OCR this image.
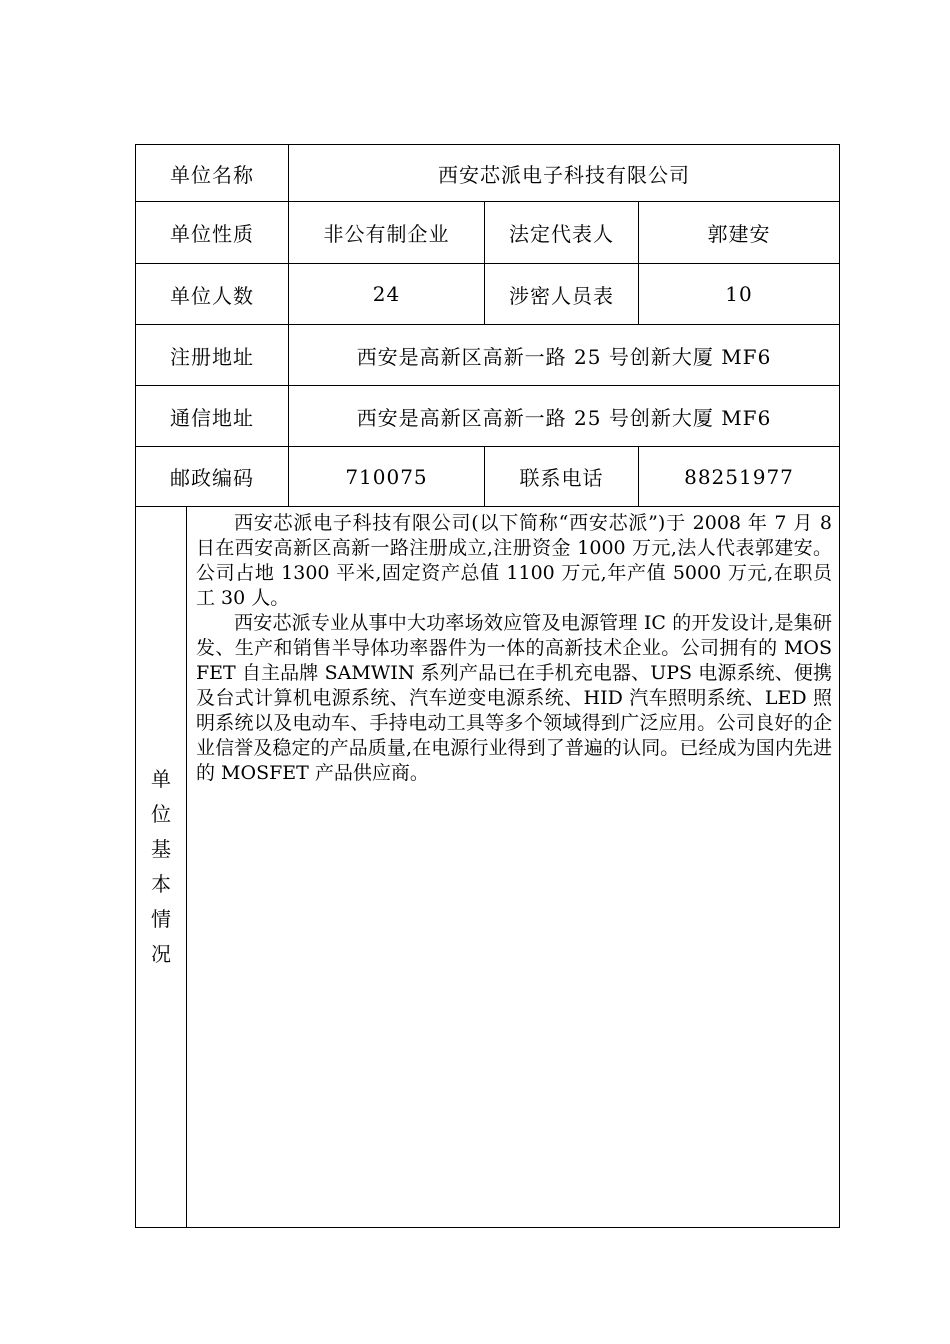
单位名称	西安芯派电子科技有限公司
单位性质	非公有制企业	法定代表人	郭建安
单位人数	24	涉密人员表	10
注册地址	西安是高新区高新一路 25 号创新大厦 MF6
通信地址	西安是高新区高新一路 25 号创新大厦 MF6
邮政编码	710075	联系电话	88251977
单
位
基
本
情
况

西安芯派电子科技有限公司(以下简称“西安芯派”)于 2008 年 7 月 8 日在西安高新区高新一路注册成立,注册资金 1000 万元,法人代表郭建安。公司占地 1300 平米,固定资产总值 1100 万元,年产值 5000 万元,在职员工 30 人。

西安芯派专业从事中大功率场效应管及电源管理 IC 的开发设计,是集研发、生产和销售半导体功率器件为一体的高新技术企业。公司拥有的 MOSFET 自主品牌 SAMWIN 系列产品已在手机充电器、UPS 电源系统、便携及台式计算机电源系统、汽车逆变电源系统、HID 汽车照明系统、LED 照明系统以及电动车、手持电动工具等多个领域得到广泛应用。公司良好的企业信誉及稳定的产品质量,在电源行业得到了普遍的认同。已经成为国内先进的 MOSFET 产品供应商。
